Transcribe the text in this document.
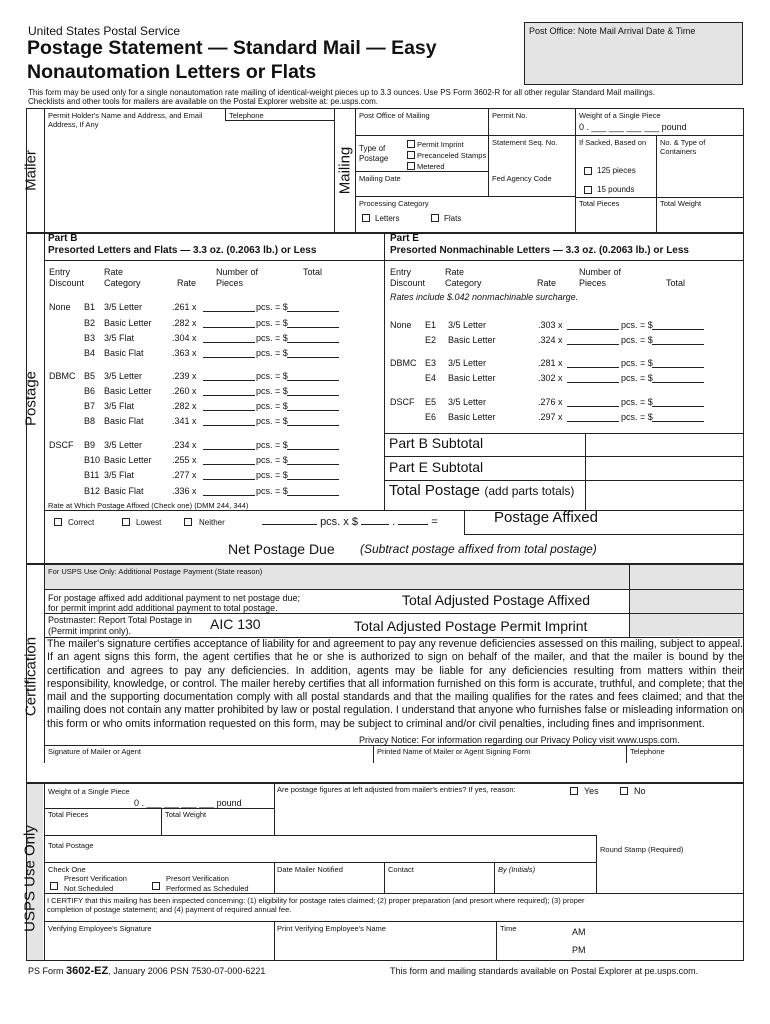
United States Postal Service
Postage Statement — Standard Mail — Easy
Nonautomation Letters or Flats
Post Office: Note Mail Arrival Date & Time
This form may be used only for a single nonautomation rate mailing of identical-weight pieces up to 3.3 ounces. Use PS Form 3602-R for all other regular Standard Mail mailings.
Checklists and other tools for mailers are available on the Postal Explorer website at: pe.usps.com.
Mailer
Permit Holder's Name and Address, and Email Address, If Any
Telephone
Mailing
Post Office of Mailing	Permit No.	Weight of a Single Piece
0 . ___ ___ ___ ___ pound
Type of Postage
Permit Imprint
Precanceled Stamps
Metered
Statement Seq. No.	If Sacked, Based on	No. & Type of Containers
125 pieces
15 pounds
Mailing Date	Fed Agency Code
Processing Category
Letters	Flats
Total Pieces	Total Weight
Postage
Part B
Presorted Letters and Flats — 3.3 oz. (0.2063 lb.) or Less
Part E
Presorted Nonmachinable Letters — 3.3 oz. (0.2063 lb.) or Less
Entry Discount
Rate Category	Rate
Number of Pieces
Total
None B1 3/5 Letter	.261 x	pcs. = $
B2 Basic Letter .282 x	pcs. = $
B3 3/5 Flat	.304 x	pcs. = $
B4 Basic Flat	.363 x	pcs. = $
DBMC B5 3/5 Letter	.239 x	pcs. = $
B6 Basic Letter .260 x	pcs. = $
B7 3/5 Flat	.282 x	pcs. = $
B8 Basic Flat	.341 x	pcs. = $
DSCF B9 3/5 Letter	.234 x	pcs. = $
B10 Basic Letter .255 x	pcs. = $
B11 3/5 Flat	.277 x	pcs. = $
B12 Basic Flat	.336 x	pcs. = $
Entry Discount
Rate Category	Rate
Number of Pieces	Total
Rates include $.042 nonmachinable surcharge.
None E1 3/5 Letter	.303 x	pcs. = $
E2 Basic Letter	.324 x	pcs. = $
DBMC E3 3/5 Letter	.281 x	pcs. = $
E4 Basic Letter	.302 x	pcs. = $
DSCF E5 3/5 Letter	.276 x	pcs. = $
E6 Basic Letter	.297 x	pcs. = $
Part B Subtotal
Part E Subtotal
Total Postage (add parts totals)
Rate at Which Postage Affixed (Check one) (DMM 244, 344)
Correct	Lowest	Neither	pcs. x $	.	=	Postage Affixed
Net Postage Due (Subtract postage affixed from total postage)
Certification
For USPS Use Only: Additional Postage Payment (State reason)
For postage affixed add additional payment to net postage due;
for permit imprint add additional payment to total postage.	Total Adjusted Postage Affixed
Postmaster: Report Total Postage in
(Permit imprint only).	AIC 130	Total Adjusted Postage Permit Imprint
The mailer's signature certifies acceptance of liability for and agreement to pay any revenue deficiencies assessed on this mailing, subject to appeal. If an agent signs this form, the agent certifies that he or she is authorized to sign on behalf of the mailer, and that the mailer is bound by the certification and agrees to pay any deficiencies. In addition, agents may be liable for any deficiencies resulting from matters within their responsibility, knowledge, or control. The mailer hereby certifies that all information furnished on this form is accurate, truthful, and complete; that the mail and the supporting documentation comply with all postal standards and that the mailing qualifies for the rates and fees claimed; and that the mailing does not contain any matter prohibited by law or postal regulation. I understand that anyone who furnishes false or misleading information on this form or who omits information requested on this form, may be subject to criminal and/or civil penalties, including fines and imprisonment.
Privacy Notice: For information regarding our Privacy Policy visit www.usps.com.
Signature of Mailer or Agent	Printed Name of Mailer or Agent Signing Form	Telephone
USPS Use Only
Weight of a Single Piece
0 . ___ ___ ___ ___ pound
Are postage figures at left adjusted from mailer's entries? If yes, reason:	Yes	No
Total Pieces	Total Weight
Total Postage	Round Stamp (Required)
Check One
Presort Verification
Not Scheduled
Presort Verification
Performed as Scheduled
Date Mailer Notified	Contact	By (Initials)
I CERTIFY that this mailing has been inspected concerning: (1) eligibility for postage rates claimed; (2) proper preparation (and presort where required); (3) proper completion of postage statement; and (4) payment of required annual fee.
Verifying Employee's Signature	Print Verifying Employee's Name	Time	AM
PM
PS Form 3602-EZ, January 2006 PSN 7530-07-000-6221	This form and mailing standards available on Postal Explorer at pe.usps.com.
